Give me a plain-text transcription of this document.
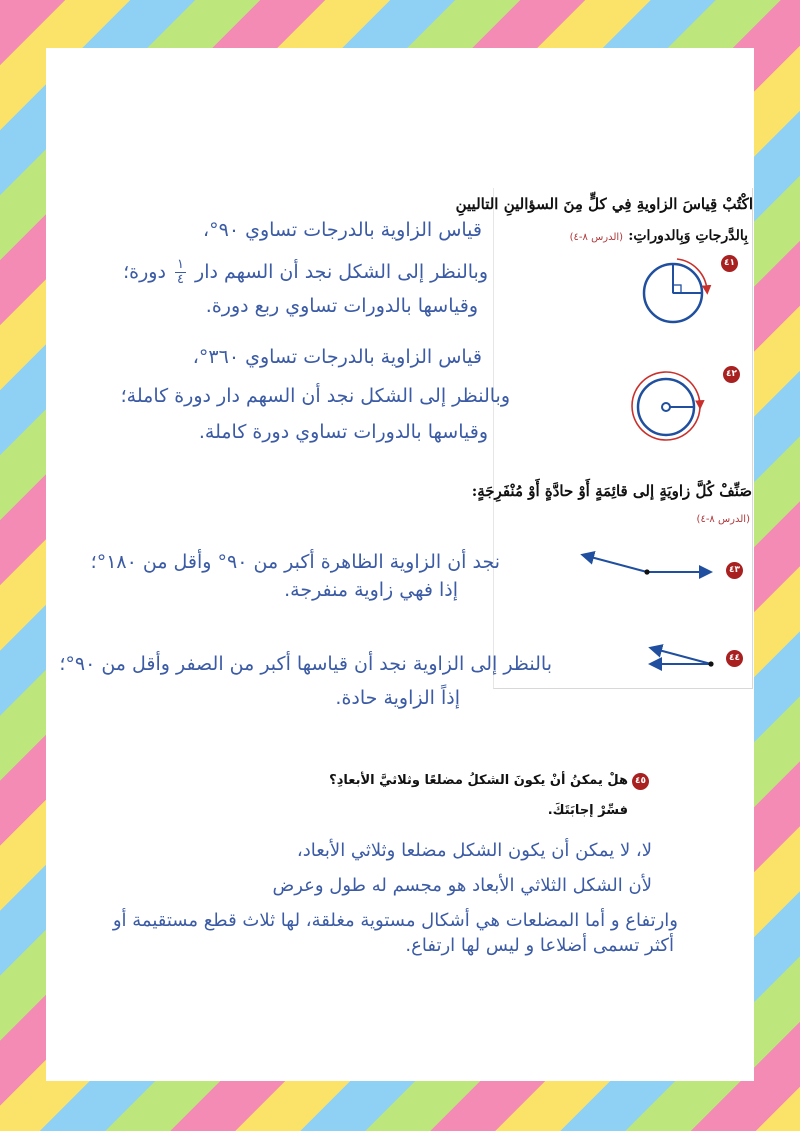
اكْتُبْ قِياسَ الزاويةِ فِي كلٍّ مِنَ السؤالينِ التاليينِ
بِالدَّرجاتِ وَبِالدوراتِ: (الدرس ٨-٤)
٤١
٤٢
صَنِّفْ كُلَّ زاويَةٍ إلى قائِمَةٍ أَوْ حادَّةٍ أَوْ مُنْفَرِجَةٍ:
(الدرس ٨-٤)
٤٣
٤٤
قياس الزاوية بالدرجات تساوي ٩٠°،
وبالنظر إلى الشكل نجد أن السهم دار
١
٤
دورة؛
وقياسها بالدورات تساوي ربع دورة.
قياس الزاوية بالدرجات تساوي ٣٦٠°،
وبالنظر إلى الشكل نجد أن السهم دار دورة كاملة؛
وقياسها بالدورات تساوي دورة كاملة.
نجد أن الزاوية الظاهرة أكبر من ٩٠° وأقل من ١٨٠°؛
إذا فهي زاوية منفرجة.
بالنظر إلى الزاوية نجد أن قياسها أكبر من الصفر وأقل من ٩٠°؛
إذاً الزاوية حادة.
٤٥
هلْ يمكنُ أنْ يكونَ الشكلُ مضلعًا وثلاثيَّ الأبعادِ؟
فسِّرْ إجابَتَكَ.
لا، لا يمكن أن يكون الشكل مضلعا وثلاثي الأبعاد،
لأن الشكل الثلاثي الأبعاد هو مجسم له طول وعرض
وارتفاع و أما المضلعات هي أشكال مستوية مغلقة، لها ثلاث قطع مستقيمة أو
أكثر تسمى أضلاعا و ليس لها ارتفاع.
